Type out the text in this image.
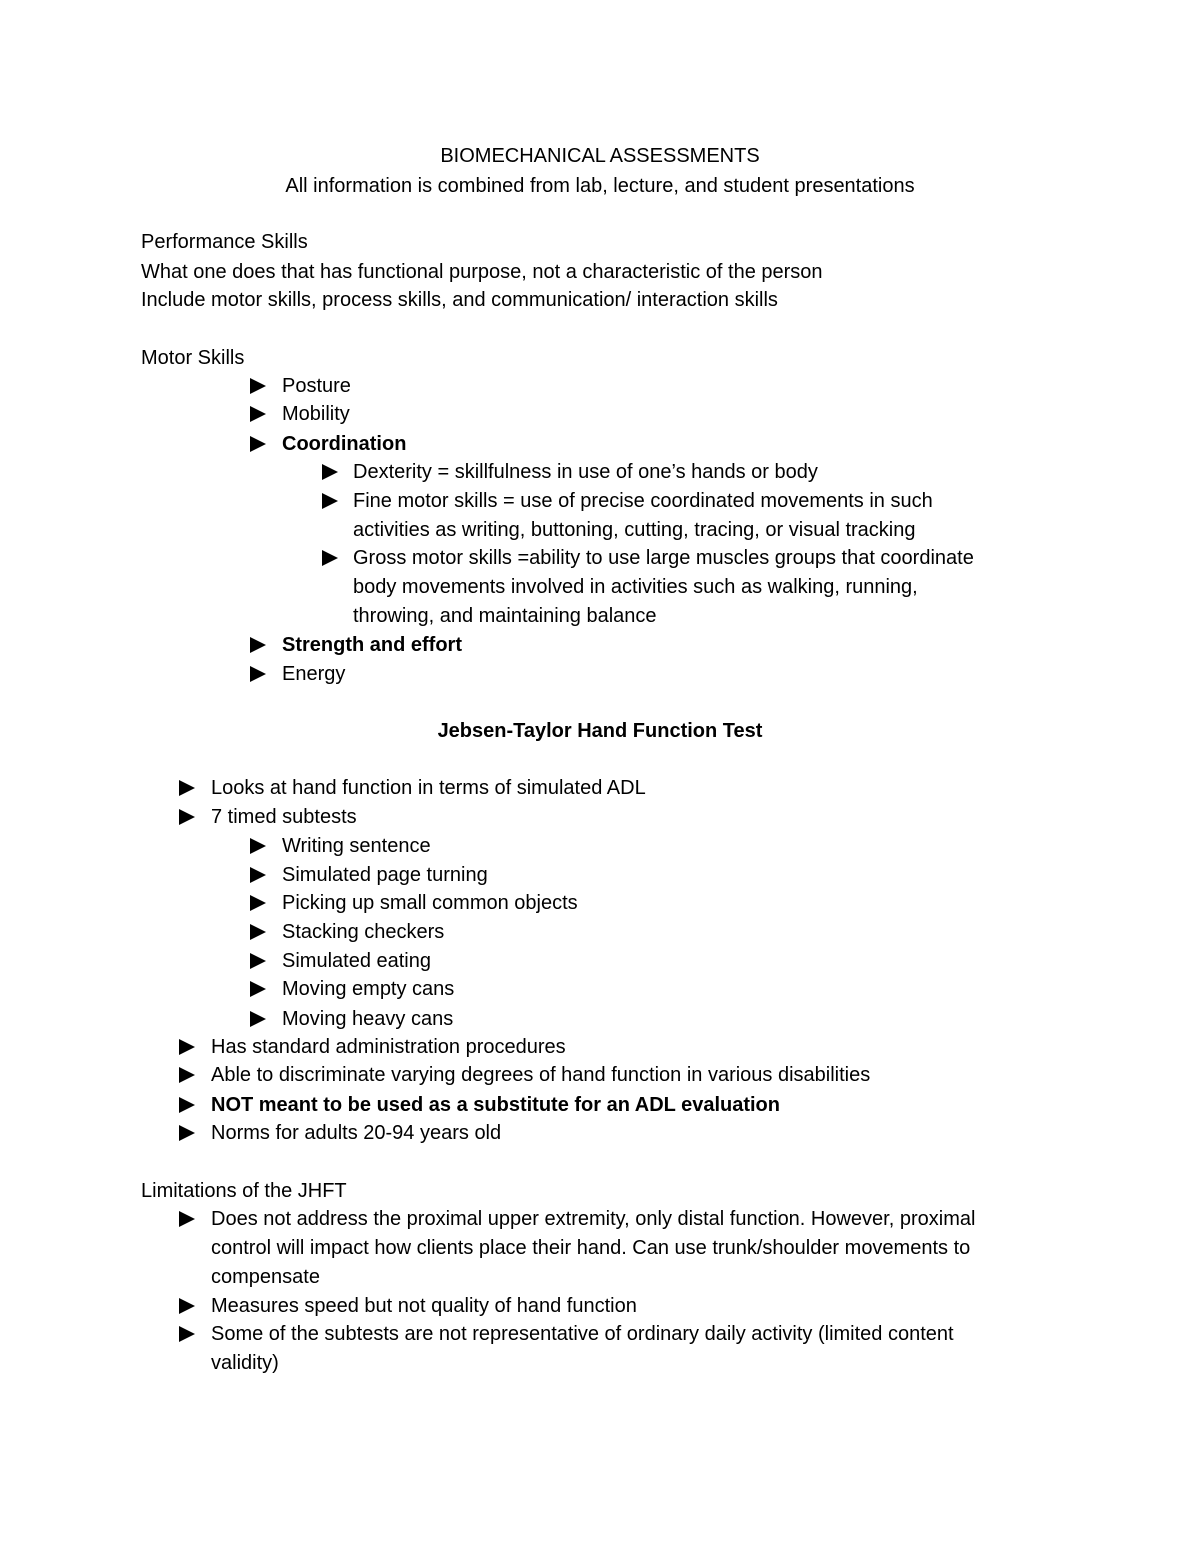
BIOMECHANICAL ASSESSMENTS
All information is combined from lab, lecture, and student presentations
Performance Skills
What one does that has functional purpose, not a characteristic of the person
Include motor skills, process skills, and communication/ interaction skills
Motor Skills
Posture
Mobility
Coordination
Dexterity = skillfulness in use of one’s hands or body
Fine motor skills = use of precise coordinated movements in such
activities as writing, buttoning, cutting, tracing, or visual tracking
Gross motor skills =ability to use large muscles groups that coordinate
body movements involved in activities such as walking, running,
throwing, and maintaining balance
Strength and effort
Energy
Jebsen-Taylor Hand Function Test
Looks at hand function in terms of simulated ADL
7 timed subtests
Writing sentence
Simulated page turning
Picking up small common objects
Stacking checkers
Simulated eating
Moving empty cans
Moving heavy cans
Has standard administration procedures
Able to discriminate varying degrees of hand function in various disabilities
NOT meant to be used as a substitute for an ADL evaluation
Norms for adults 20-94 years old
Limitations of the JHFT
Does not address the proximal upper extremity, only distal function. However, proximal
control will impact how clients place their hand. Can use trunk/shoulder movements to
compensate
Measures speed but not quality of hand function
Some of the subtests are not representative of ordinary daily activity (limited content
validity)
